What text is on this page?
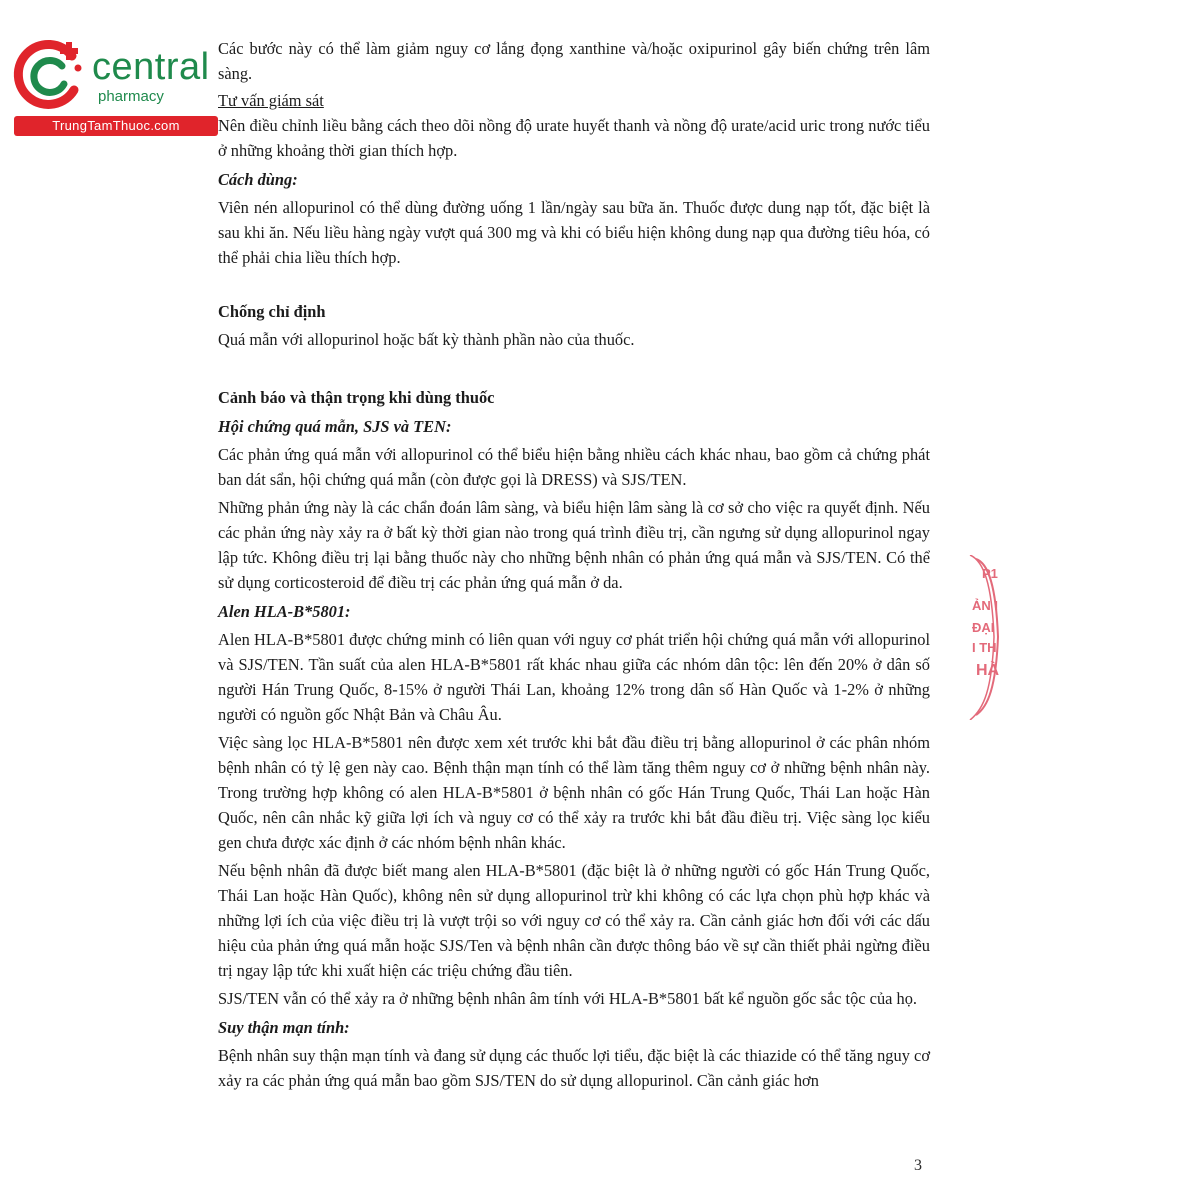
central
pharmacy
TrungTamThuoc.com

Các bước này có thể làm giảm nguy cơ lắng đọng xanthine và/hoặc oxipurinol gây biến chứng trên lâm sàng.

Tư vấn giám sát

Nên điều chỉnh liều bằng cách theo dõi nồng độ urate huyết thanh và nồng độ urate/acid uric trong nước tiểu ở những khoảng thời gian thích hợp.

Cách dùng:

Viên nén allopurinol có thể dùng đường uống 1 lần/ngày sau bữa ăn. Thuốc được dung nạp tốt, đặc biệt là sau khi ăn. Nếu liều hàng ngày vượt quá 300 mg và khi có biểu hiện không dung nạp qua đường tiêu hóa, có thể phải chia liều thích hợp.

Chống chỉ định

Quá mẫn với allopurinol hoặc bất kỳ thành phần nào của thuốc.

Cảnh báo và thận trọng khi dùng thuốc

Hội chứng quá mẫn, SJS và TEN:

Các phản ứng quá mẫn với allopurinol có thể biểu hiện bằng nhiều cách khác nhau, bao gồm cả chứng phát ban dát sẩn, hội chứng quá mẫn (còn được gọi là DRESS) và SJS/TEN.

Những phản ứng này là các chẩn đoán lâm sàng, và biểu hiện lâm sàng là cơ sở cho việc ra quyết định. Nếu các phản ứng này xảy ra ở bất kỳ thời gian nào trong quá trình điều trị, cần ngưng sử dụng allopurinol ngay lập tức. Không điều trị lại bằng thuốc này cho những bệnh nhân có phản ứng quá mẫn và SJS/TEN. Có thể sử dụng corticosteroid để điều trị các phản ứng quá mẫn ở da.

Alen HLA-B*5801:

Alen HLA-B*5801 được chứng minh có liên quan với nguy cơ phát triển hội chứng quá mẫn với allopurinol và SJS/TEN. Tần suất của alen HLA-B*5801 rất khác nhau giữa các nhóm dân tộc: lên đến 20% ở dân số người Hán Trung Quốc, 8-15% ở người Thái Lan, khoảng 12% trong dân số Hàn Quốc và 1-2% ở những người có nguồn gốc Nhật Bản và Châu Âu.

Việc sàng lọc HLA-B*5801 nên được xem xét trước khi bắt đầu điều trị bằng allopurinol ở các phân nhóm bệnh nhân có tỷ lệ gen này cao. Bệnh thận mạn tính có thể làm tăng thêm nguy cơ ở những bệnh nhân này. Trong trường hợp không có alen HLA-B*5801 ở bệnh nhân có gốc Hán Trung Quốc, Thái Lan hoặc Hàn Quốc, nên cân nhắc kỹ giữa lợi ích và nguy cơ có thể xảy ra trước khi bắt đầu điều trị. Việc sàng lọc kiểu gen chưa được xác định ở các nhóm bệnh nhân khác.

Nếu bệnh nhân đã được biết mang alen HLA-B*5801 (đặc biệt là ở những người có gốc Hán Trung Quốc, Thái Lan hoặc Hàn Quốc), không nên sử dụng allopurinol trừ khi không có các lựa chọn phù hợp khác và những lợi ích của việc điều trị là vượt trội so với nguy cơ có thể xảy ra. Cần cảnh giác hơn đối với các dấu hiệu của phản ứng quá mẫn hoặc SJS/Ten và bệnh nhân cần được thông báo về sự cần thiết phải ngừng điều trị ngay lập tức khi xuất hiện các triệu chứng đầu tiên.

SJS/TEN vẫn có thể xảy ra ở những bệnh nhân âm tính với HLA-B*5801 bất kể nguồn gốc sắc tộc của họ.

Suy thận mạn tính:

Bệnh nhân suy thận mạn tính và đang sử dụng các thuốc lợi tiểu, đặc biệt là các thiazide có thể tăng nguy cơ xảy ra các phản ứng quá mẫn bao gồm SJS/TEN do sử dụng allopurinol. Cần cảnh giác hơn

P1
ẢN I
ĐẠI
I TH
HÀ
3
